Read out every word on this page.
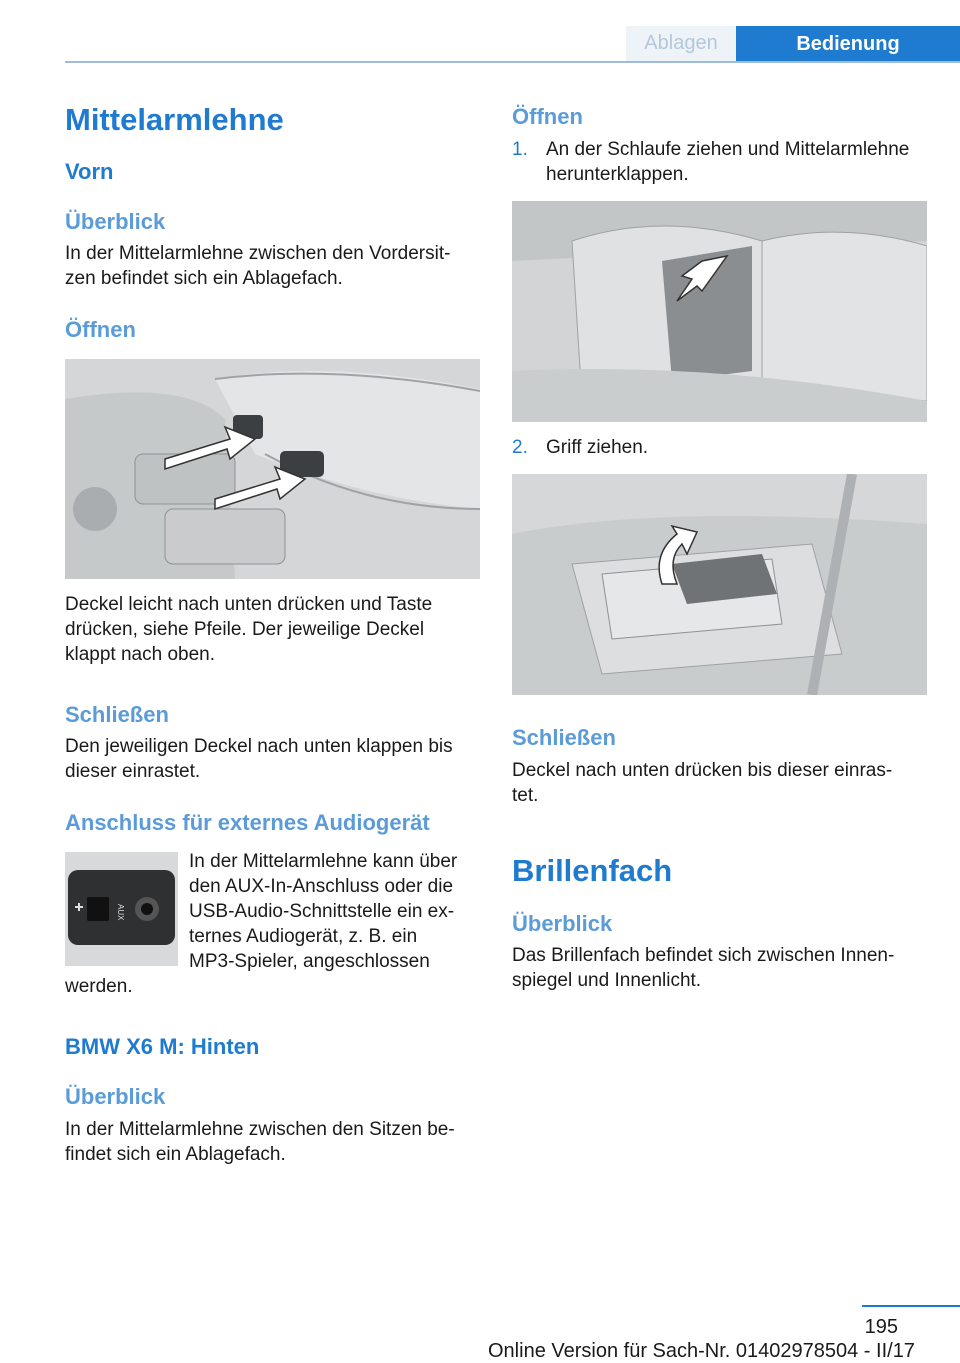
Ablagen	Bedienung
Mittelarmlehne
Vorn
Überblick
In der Mittelarmlehne zwischen den Vordersit-
zen befindet sich ein Ablagefach.
Öffnen
Deckel leicht nach unten drücken und Taste
drücken, siehe Pfeile. Der jeweilige Deckel
klappt nach oben.
Schließen
Den jeweiligen Deckel nach unten klappen bis
dieser einrastet.
Anschluss für externes Audiogerät
AUX
In der Mittelarmlehne kann über
den AUX-In-Anschluss oder die
USB-Audio-Schnittstelle ein ex-
ternes Audiogerät, z. B. ein
MP3-Spieler, angeschlossen
werden.
BMW X6 M: Hinten
Überblick
In der Mittelarmlehne zwischen den Sitzen be-
findet sich ein Ablagefach.
Öffnen
1. An der Schlaufe ziehen und Mittelarmlehne
herunterklappen.
2. Griff ziehen.
Schließen
Deckel nach unten drücken bis dieser einras-
tet.
Brillenfach
Überblick
Das Brillenfach befindet sich zwischen Innen-
spiegel und Innenlicht.
195
Online Version für Sach-Nr. 01402978504 - II/17
